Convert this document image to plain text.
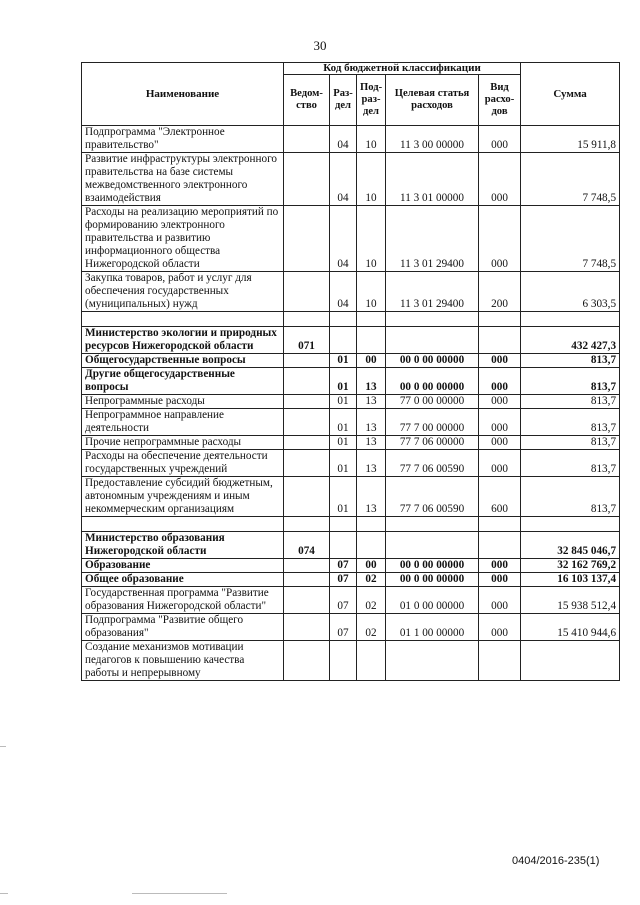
30
Наименование	Код бюджетной классификации					Сумма
	Ведом-ство	Раз-дел	Под-раз-дел	Целевая статья расходов	Вид расхо-дов	
Подпрограмма "Электронное правительство"		04	10	11 3 00 00000	000	15 911,8
Развитие инфраструктуры электронного правительства на базе системы межведомственного электронного взаимодействия		04	10	11 3 01 00000	000	7 748,5
Расходы на реализацию мероприятий по формированию электронного правительства и развитию информационного общества Нижегородской области		04	10	11 3 01 29400	000	7 748,5
Закупка товаров, работ и услуг для обеспечения государственных (муниципальных) нужд		04	10	11 3 01 29400	200	6 303,5

Министерство экологии и природных ресурсов Нижегородской области	071					432 427,3
Общегосударственные вопросы		01	00	00 0 00 00000	000	813,7
Другие общегосударственные вопросы		01	13	00 0 00 00000	000	813,7
Непрограммные расходы		01	13	77 0 00 00000	000	813,7
Непрограммное направление деятельности		01	13	77 7 00 00000	000	813,7
Прочие непрограммные расходы		01	13	77 7 06 00000	000	813,7
Расходы на обеспечение деятельности государственных учреждений		01	13	77 7 06 00590	000	813,7
Предоставление субсидий бюджетным, автономным учреждениям и иным некоммерческим организациям		01	13	77 7 06 00590	600	813,7

Министерство образования Нижегородской области	074					32 845 046,7
Образование		07	00	00 0 00 00000	000	32 162 769,2
Общее образование		07	02	00 0 00 00000	000	16 103 137,4
Государственная программа "Развитие образования Нижегородской области"		07	02	01 0 00 00000	000	15 938 512,4
Подпрограмма "Развитие общего образования"		07	02	01 1 00 00000	000	15 410 944,6
Создание механизмов мотивации педагогов к повышению качества работы и непрерывному						
0404/2016-235(1)
